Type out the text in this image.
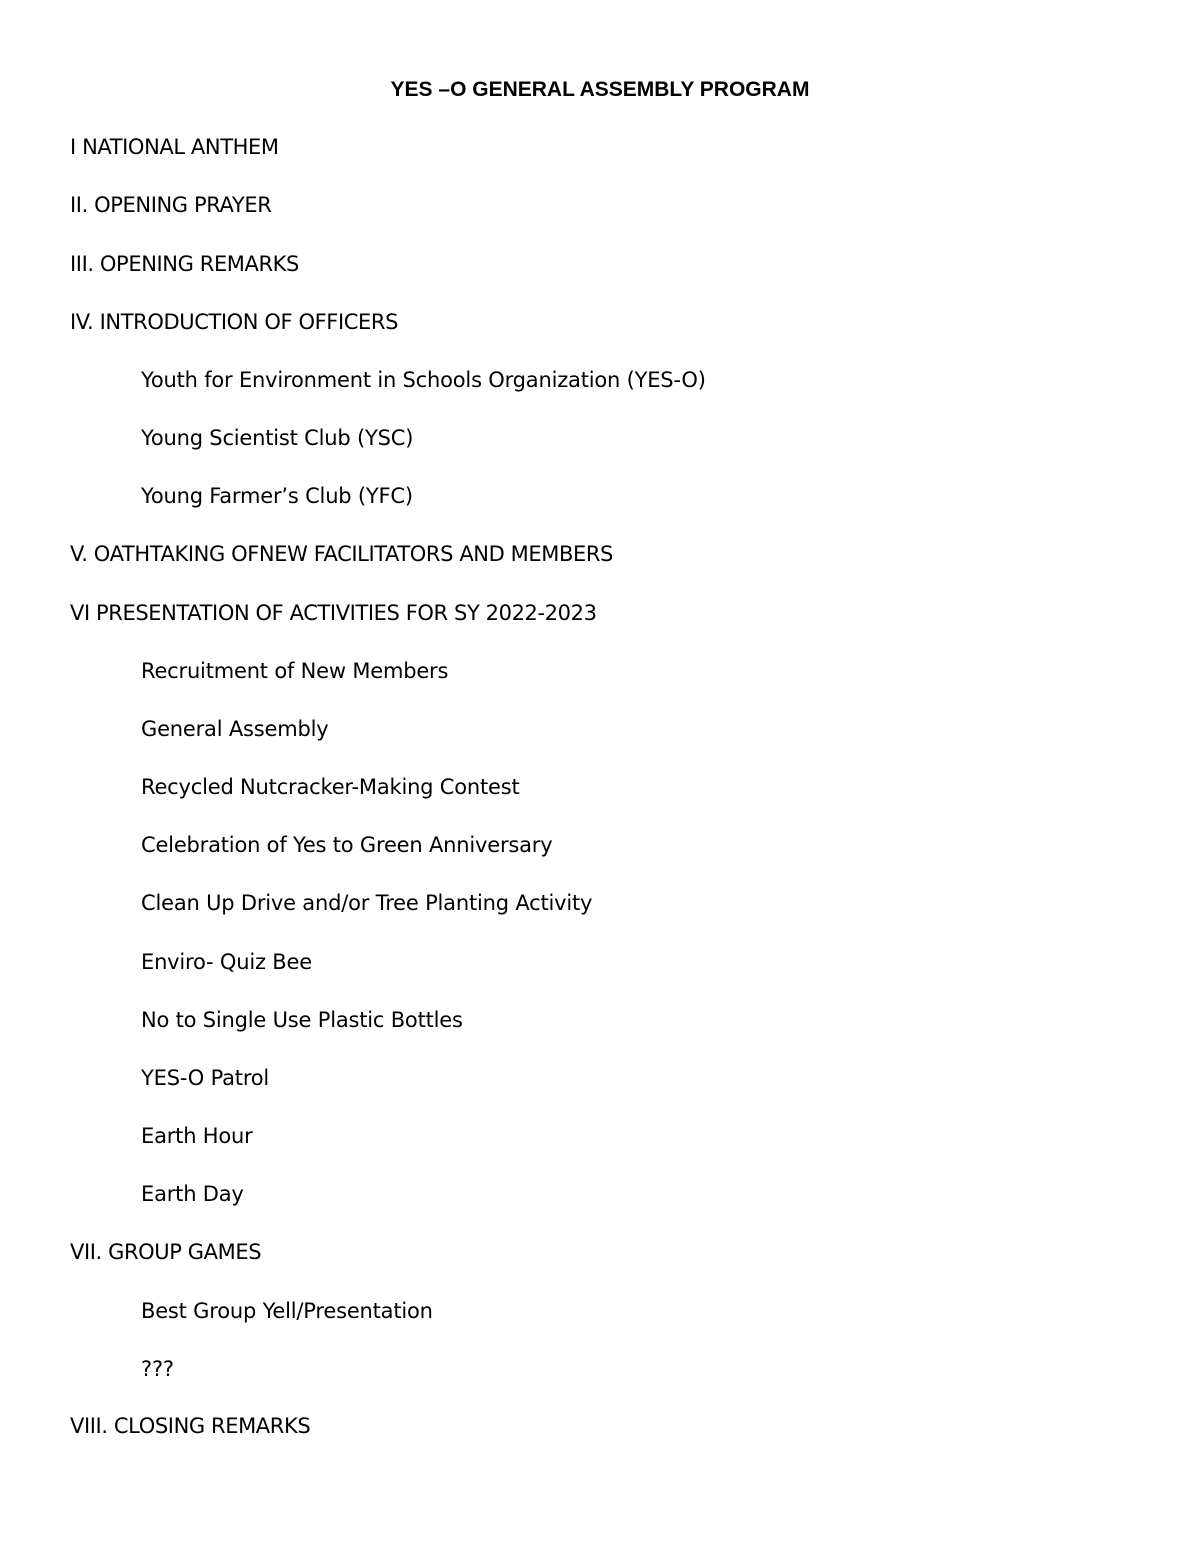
YES –O GENERAL ASSEMBLY PROGRAM

I NATIONAL ANTHEM

II. OPENING PRAYER

III. OPENING REMARKS

IV. INTRODUCTION OF OFFICERS

Youth for Environment in Schools Organization (YES-O)

Young Scientist Club (YSC)

Young Farmer’s Club (YFC)

V. OATHTAKING OFNEW FACILITATORS AND MEMBERS

VI PRESENTATION OF ACTIVITIES FOR SY 2022-2023

Recruitment of New Members

General Assembly

Recycled Nutcracker-Making Contest

Celebration of Yes to Green Anniversary

Clean Up Drive and/or Tree Planting Activity

Enviro- Quiz Bee

No to Single Use Plastic Bottles

YES-O Patrol

Earth Hour

Earth Day

VII. GROUP GAMES

Best Group Yell/Presentation

???

VIII. CLOSING REMARKS
